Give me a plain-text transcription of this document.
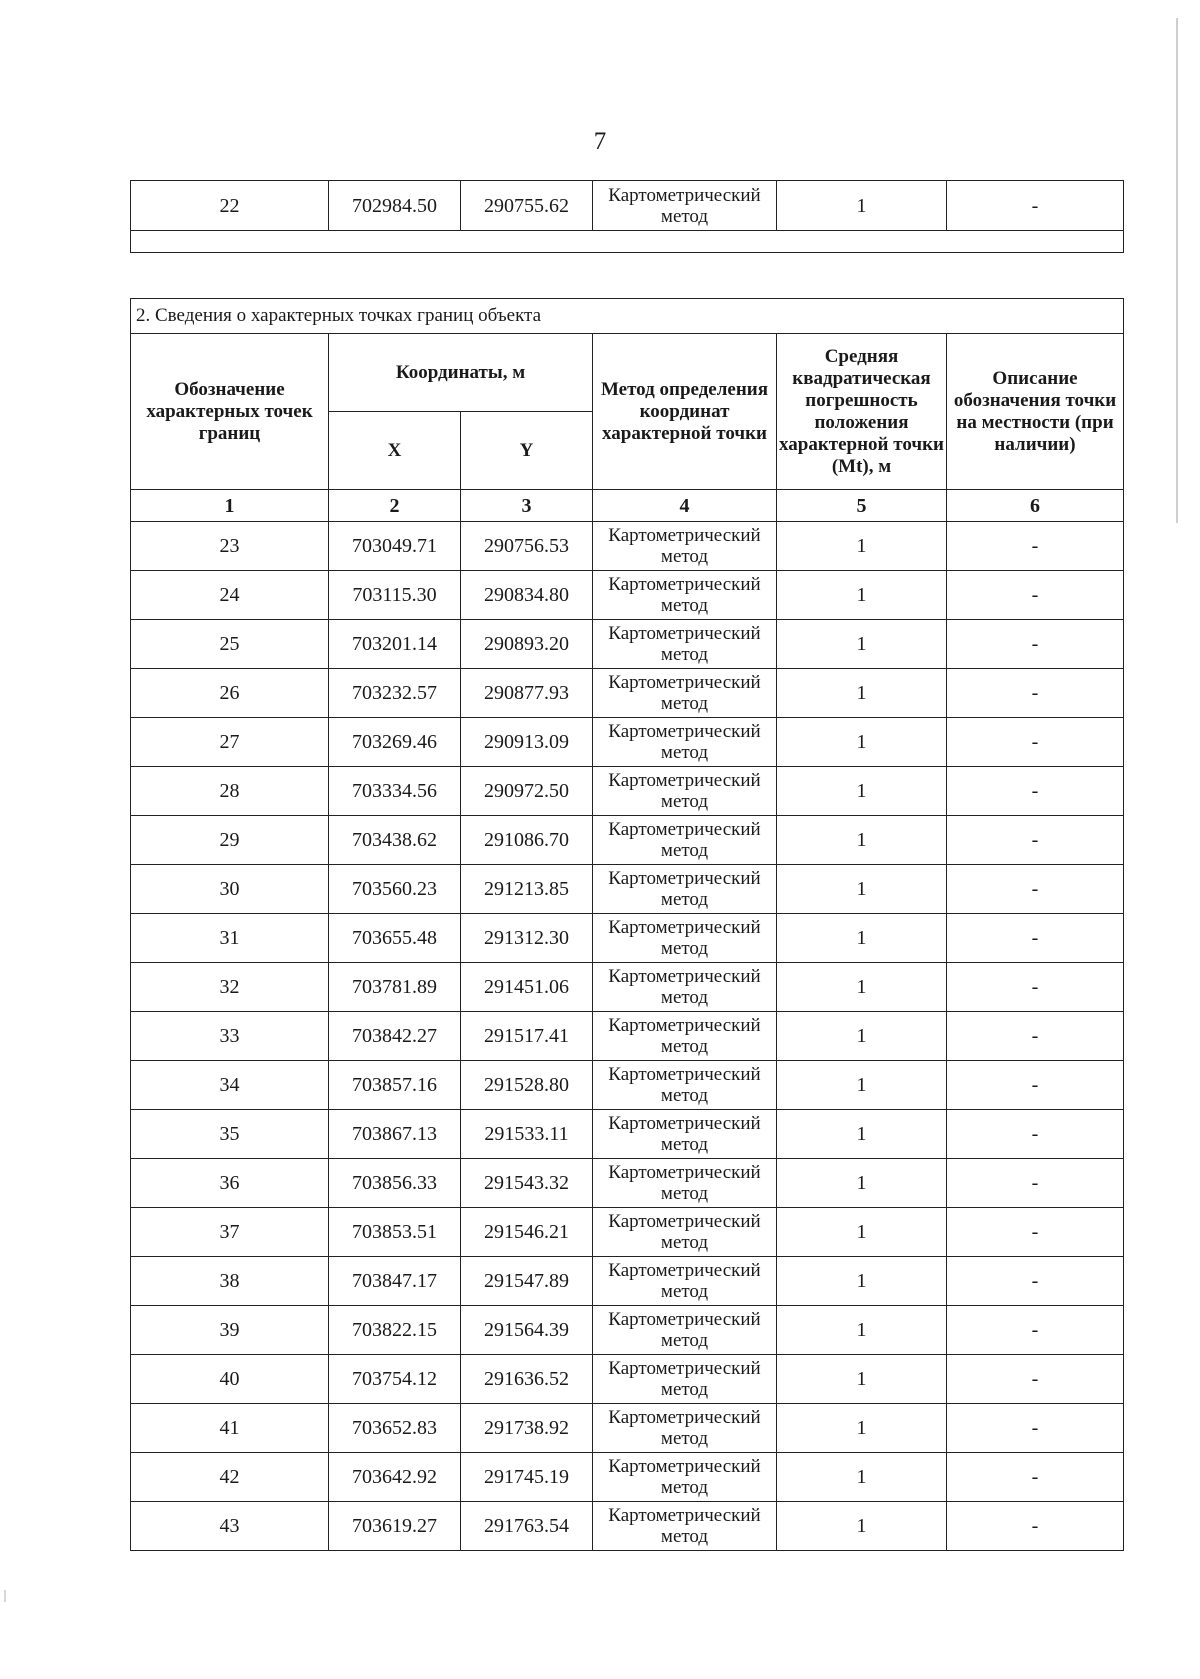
7
22	702984.50	290755.62	Картометрический метод	1	-

2. Сведения о характерных точках границ объекта					
Обозначение характерных точек границ	Координаты, м		Метод определения координат характерной точки	Средняя квадратическая погрешность положения характерной точки (Mt), м	Описание обозначения точки на местности (при наличии)
	X	Y			
1	2	3	4	5	6
23	703049.71	290756.53	Картометрический метод	1	-
24	703115.30	290834.80	Картометрический метод	1	-
25	703201.14	290893.20	Картометрический метод	1	-
26	703232.57	290877.93	Картометрический метод	1	-
27	703269.46	290913.09	Картометрический метод	1	-
28	703334.56	290972.50	Картометрический метод	1	-
29	703438.62	291086.70	Картометрический метод	1	-
30	703560.23	291213.85	Картометрический метод	1	-
31	703655.48	291312.30	Картометрический метод	1	-
32	703781.89	291451.06	Картометрический метод	1	-
33	703842.27	291517.41	Картометрический метод	1	-
34	703857.16	291528.80	Картометрический метод	1	-
35	703867.13	291533.11	Картометрический метод	1	-
36	703856.33	291543.32	Картометрический метод	1	-
37	703853.51	291546.21	Картометрический метод	1	-
38	703847.17	291547.89	Картометрический метод	1	-
39	703822.15	291564.39	Картометрический метод	1	-
40	703754.12	291636.52	Картометрический метод	1	-
41	703652.83	291738.92	Картометрический метод	1	-
42	703642.92	291745.19	Картометрический метод	1	-
43	703619.27	291763.54	Картометрический метод	1	-
